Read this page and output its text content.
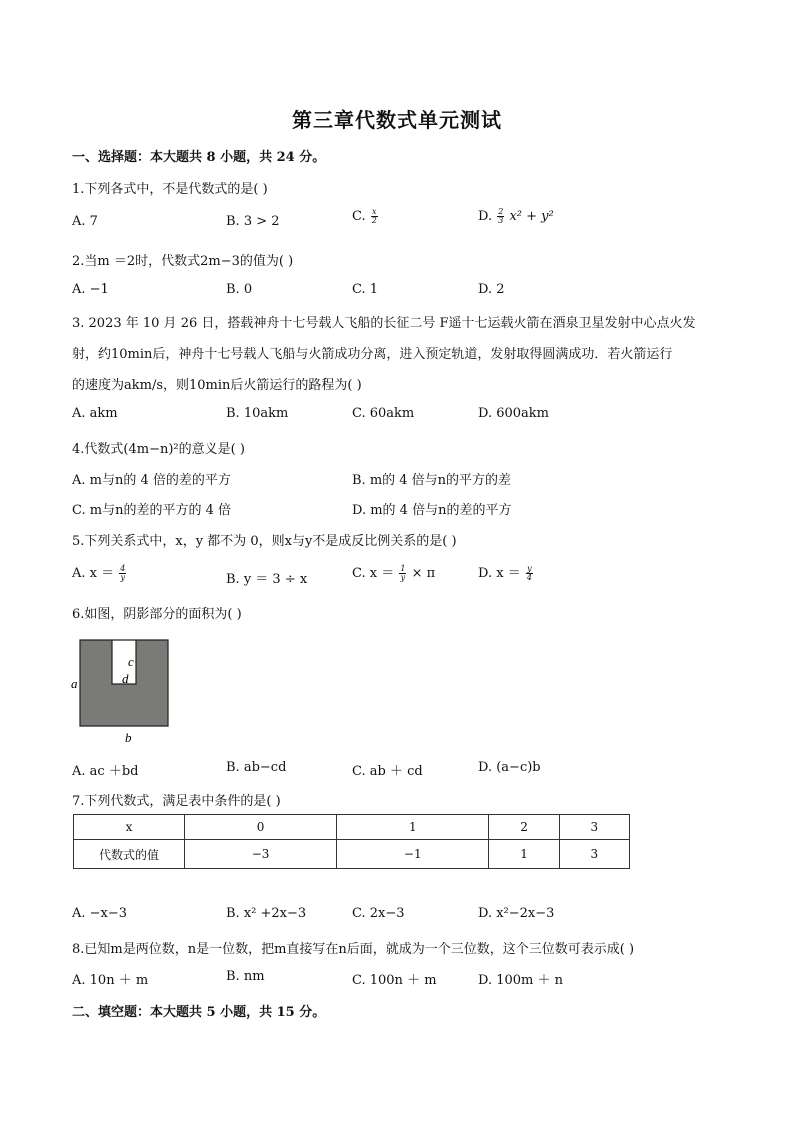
第三章代数式单元测试
一、选择题：本大题共 8 小题，共 24 分。
1.下列各式中，不是代数式的是( )
A. 7	B. 3 > 2	C. $\frac{x}{2}$	D. $\frac{2}{3} x^2 + y^2$
2.当m ＝2时，代数式2m−3的值为( )
A. −1	B. 0	C. 1	D. 2
3. 2023 年 10 月 26 日，搭载神舟十七号载人飞船的长征二号 F遥十七运载火箭在酒泉卫星发射中心点火发
射，约10min后，神舟十七号载人飞船与火箭成功分离，进入预定轨道，发射取得圆满成功．若火箭运行
的速度为akm/s，则10min后火箭运行的路程为( )
A. akm	B. 10akm	C. 60akm	D. 600akm
4.代数式(4m−n)²的意义是( )
A. m与n的 4 倍的差的平方	B. m的 4 倍与n的平方的差
C. m与n的差的平方的 4 倍	D. m的 4 倍与n的差的平方
5.下列关系式中，x，y 都不为 0，则x与y不是成反比例关系的是( )
A. $x = \frac{4}{y}$	B. y ＝ 3 ÷ x	C. $x = \frac{1}{y} \times \pi$	D. $x = \frac{y}{4}$
6.如图，阴影部分的面积为( )
a
b
c
d
A. ac ＋bd	B. ab−cd	C. ab ＋ cd	D. (a−c)b
7.下列代数式，满足表中条件的是( )
x	0	1	2	3
代数式的值	−3	−1	1	3
A. −x−3	B. x² +2x−3	C. 2x−3	D. x²−2x−3
8.已知m是两位数，n是一位数，把m直接写在n后面，就成为一个三位数，这个三位数可表示成( )
A. 10n ＋ m	B. nm	C. 100n ＋ m	D. 100m ＋ n
二、填空题：本大题共 5 小题，共 15 分。
